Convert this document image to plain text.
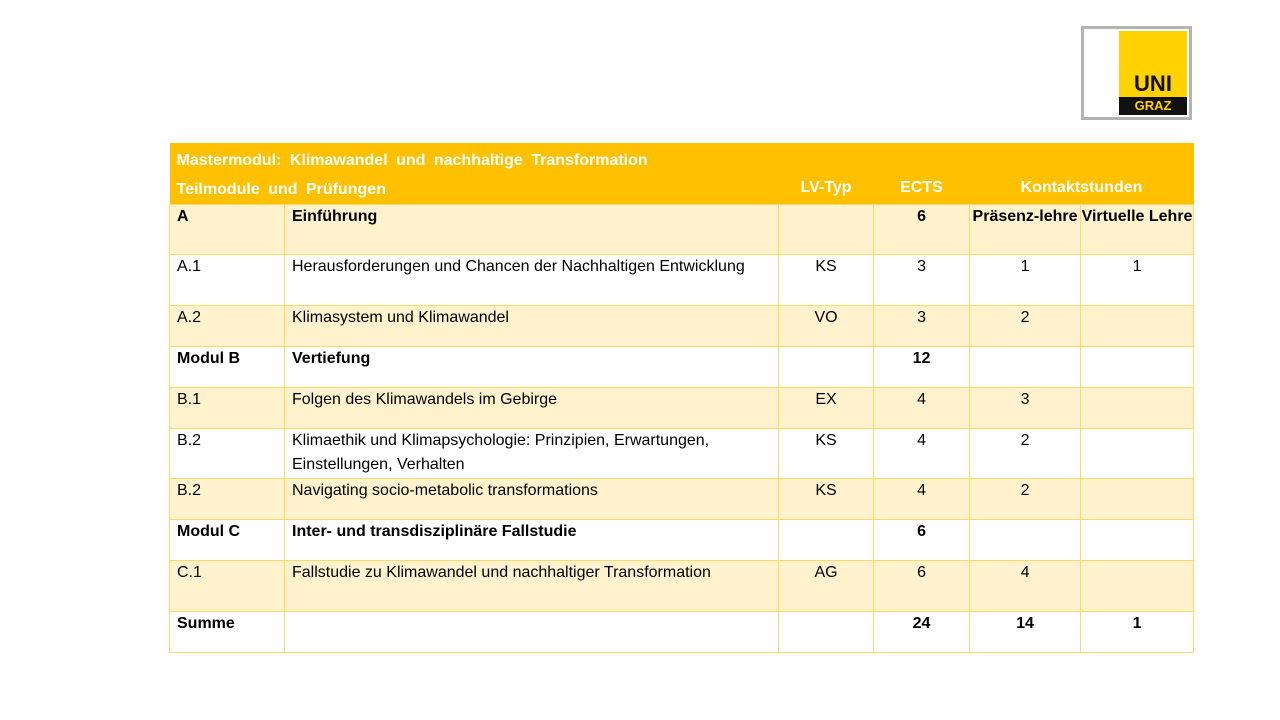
UNI
GRAZ
Mastermodul: Klimawandel und nachhaltige Transformation
Teilmodule und Prüfungen		LV-Typ	ECTS	Kontaktstunden	
A	Einführung		6	Präsenz-lehre	Virtuelle Lehre
A.1	Herausforderungen und Chancen der Nachhaltigen Entwicklung	KS	3	1	1
A.2	Klimasystem und Klimawandel	VO	3	2	
Modul B	Vertiefung		12		
B.1	Folgen des Klimawandels im Gebirge	EX	4	3	
B.2	Klimaethik und Klimapsychologie: Prinzipien, Erwartungen, Einstellungen, Verhalten	KS	4	2	
B.2	Navigating socio-metabolic transformations	KS	4	2	
Modul C	Inter- und transdisziplinäre Fallstudie		6		
C.1	Fallstudie zu Klimawandel und nachhaltiger Transformation	AG	6	4	
Summe			24	14	1
